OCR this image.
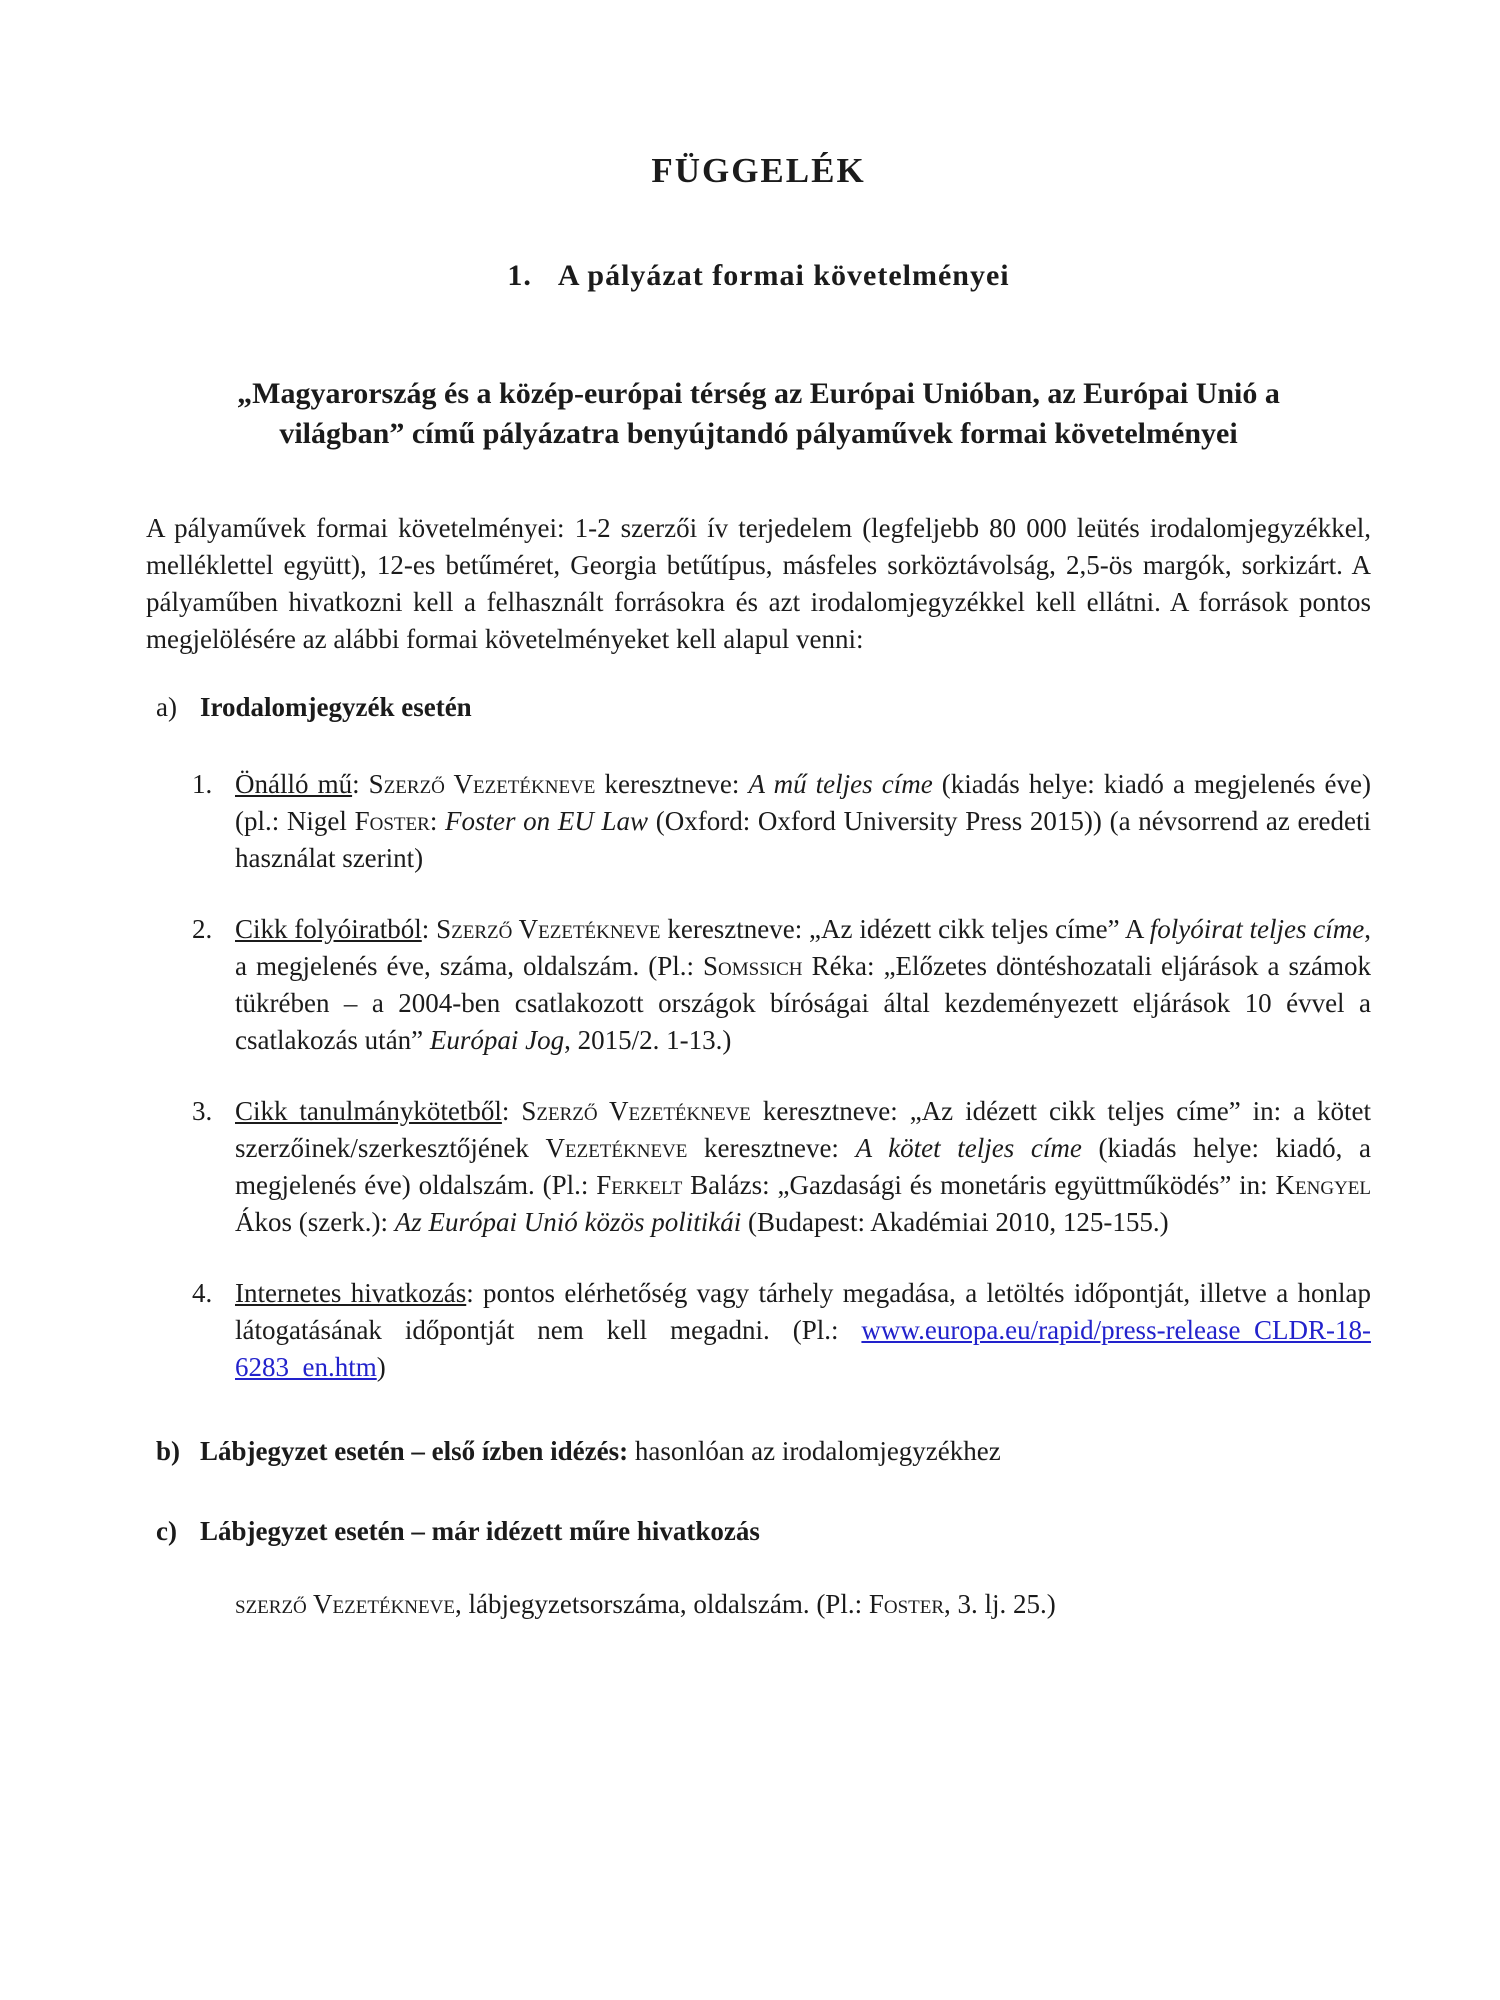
FÜGGELÉK
1. A pályázat formai követelményei
„Magyarország és a közép-európai térség az Európai Unióban, az Európai Unió a világban” című pályázatra benyújtandó pályaművek formai követelményei

A pályaművek formai követelményei: 1-2 szerzői ív terjedelem (legfeljebb 80 000 leütés irodalomjegyzékkel, melléklettel együtt), 12-es betűméret, Georgia betűtípus, másfeles sorköztávolság, 2,5-ös margók, sorkizárt. A pályaműben hivatkozni kell a felhasznált forrásokra és azt irodalomjegyzékkel kell ellátni. A források pontos megjelölésére az alábbi formai követelményeket kell alapul venni:

a) Irodalomjegyzék esetén
1. Önálló mű: Szerző Vezetékneve keresztneve: A mű teljes címe (kiadás helye: kiadó a megjelenés éve) (pl.: Nigel Foster: Foster on EU Law (Oxford: Oxford University Press 2015)) (a névsorrend az eredeti használat szerint)
2. Cikk folyóiratból: Szerző Vezetékneve keresztneve: „Az idézett cikk teljes címe” A folyóirat teljes címe, a megjelenés éve, száma, oldalszám. (Pl.: Somssich Réka: „Előzetes döntéshozatali eljárások a számok tükrében – a 2004-ben csatlakozott országok bíróságai által kezdeményezett eljárások 10 évvel a csatlakozás után” Európai Jog, 2015/2. 1-13.)
3. Cikk tanulmánykötetből: Szerző Vezetékneve keresztneve: „Az idézett cikk teljes címe” in: a kötet szerzőinek/szerkesztőjének Vezetékneve keresztneve: A kötet teljes címe (kiadás helye: kiadó, a megjelenés éve) oldalszám. (Pl.: Ferkelt Balázs: „Gazdasági és monetáris együttműködés” in: Kengyel Ákos (szerk.): Az Európai Unió közös politikái (Budapest: Akadémiai 2010, 125-155.)
4. Internetes hivatkozás: pontos elérhetőség vagy tárhely megadása, a letöltés időpontját, illetve a honlap látogatásának időpontját nem kell megadni. (Pl.: www.europa.eu/rapid/press-release_CLDR-18-6283_en.htm)
b) Lábjegyzet esetén – első ízben idézés: hasonlóan az irodalomjegyzékhez
c) Lábjegyzet esetén – már idézett műre hivatkozás

szerző Vezetékneve, lábjegyzetsorszáma, oldalszám. (Pl.: Foster, 3. lj. 25.)
